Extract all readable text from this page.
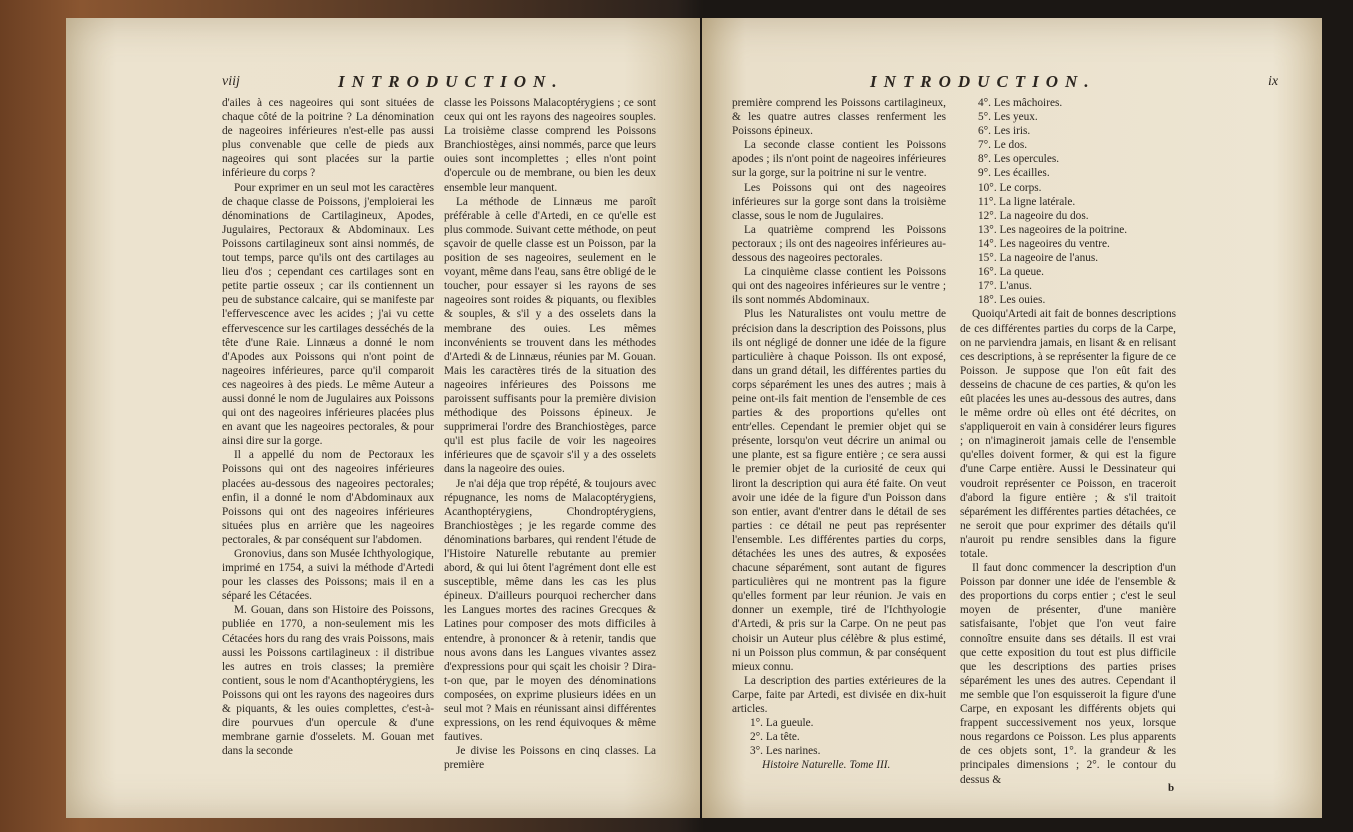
viij	INTRODUCTION.

d'ailes à ces nageoires qui sont situées de chaque côté de la poitrine ? La dénomination de nageoires inférieures n'est-elle pas aussi plus convenable que celle de pieds aux nageoires qui sont placées sur la partie inférieure du corps ?

Pour exprimer en un seul mot les caractères de chaque classe de Poissons, j'emploierai les dénominations de Cartilagineux, Apodes, Jugulaires, Pectoraux & Abdominaux. Les Poissons cartilagineux sont ainsi nommés, de tout temps, parce qu'ils ont des cartilages au lieu d'os ; cependant ces cartilages sont en petite partie osseux ; car ils contiennent un peu de substance calcaire, qui se manifeste par l'effervescence avec les acides ; j'ai vu cette effervescence sur les cartilages desséchés de la tête d'une Raie. Linnæus a donné le nom d'Apodes aux Poissons qui n'ont point de nageoires inférieures, parce qu'il comparoit ces nageoires à des pieds. Le même Auteur a aussi donné le nom de Jugulaires aux Poissons qui ont des nageoires inférieures placées plus en avant que les nageoires pectorales, & pour ainsi dire sur la gorge.

Il a appellé du nom de Pectoraux les Poissons qui ont des nageoires inférieures placées au-dessous des nageoires pectorales; enfin, il a donné le nom d'Abdominaux aux Poissons qui ont des nageoires inférieures situées plus en arrière que les nageoires pectorales, & par conséquent sur l'abdomen.

Gronovius, dans son Musée Ichthyologique, imprimé en 1754, a suivi la méthode d'Artedi pour les classes des Poissons; mais il en a séparé les Cétacées.

M. Gouan, dans son Histoire des Poissons, publiée en 1770, a non-seulement mis les Cétacées hors du rang des vrais Poissons, mais aussi les Poissons cartilagineux : il distribue les autres en trois classes; la première contient, sous le nom d'Acanthoptérygiens, les Poissons qui ont les rayons des nageoires durs & piquants, & les ouies complettes, c'est-à-dire pourvues d'un opercule & d'une membrane garnie d'osselets. M. Gouan met dans la seconde

classe les Poissons Malacoptérygiens ; ce sont ceux qui ont les rayons des nageoires souples. La troisième classe comprend les Poissons Branchiostèges, ainsi nommés, parce que leurs ouies sont incomplettes ; elles n'ont point d'opercule ou de membrane, ou bien les deux ensemble leur manquent.

La méthode de Linnæus me paroît préférable à celle d'Artedi, en ce qu'elle est plus commode. Suivant cette méthode, on peut sçavoir de quelle classe est un Poisson, par la position de ses nageoires, seulement en le voyant, même dans l'eau, sans être obligé de le toucher, pour essayer si les rayons de ses nageoires sont roides & piquants, ou flexibles & souples, & s'il y a des osselets dans la membrane des ouies. Les mêmes inconvénients se trouvent dans les méthodes d'Artedi & de Linnæus, réunies par M. Gouan. Mais les caractères tirés de la situation des nageoires inférieures des Poissons me paroissent suffisants pour la première division méthodique des Poissons épineux. Je supprimerai l'ordre des Branchiostèges, parce qu'il est plus facile de voir les nageoires inférieures que de sçavoir s'il y a des osselets dans la nageoire des ouies.

Je n'ai déja que trop répété, & toujours avec répugnance, les noms de Malacoptérygiens, Acanthoptérygiens, Chondroptérygiens, Branchiostèges ; je les regarde comme des dénominations barbares, qui rendent l'étude de l'Histoire Naturelle rebutante au premier abord, & qui lui ôtent l'agrément dont elle est susceptible, même dans les cas les plus épineux. D'ailleurs pourquoi rechercher dans les Langues mortes des racines Grecques & Latines pour composer des mots difficiles à entendre, à prononcer & à retenir, tandis que nous avons dans les Langues vivantes assez d'expressions pour qui sçait les choisir ? Dira-t-on que, par le moyen des dénominations composées, on exprime plusieurs idées en un seul mot ? Mais en réunissant ainsi différentes expressions, on les rend équivoques & même fautives.

Je divise les Poissons en cinq classes. La première

INTRODUCTION.	ix

première comprend les Poissons cartilagineux, & les quatre autres classes renferment les Poissons épineux.

La seconde classe contient les Poissons apodes ; ils n'ont point de nageoires inférieures sur la gorge, sur la poitrine ni sur le ventre.

Les Poissons qui ont des nageoires inférieures sur la gorge sont dans la troisième classe, sous le nom de Jugulaires.

La quatrième comprend les Poissons pectoraux ; ils ont des nageoires inférieures au-dessous des nageoires pectorales.

La cinquième classe contient les Poissons qui ont des nageoires inférieures sur le ventre ; ils sont nommés Abdominaux.

Plus les Naturalistes ont voulu mettre de précision dans la description des Poissons, plus ils ont négligé de donner une idée de la figure particulière à chaque Poisson. Ils ont exposé, dans un grand détail, les différentes parties du corps séparément les unes des autres ; mais à peine ont-ils fait mention de l'ensemble de ces parties & des proportions qu'elles ont entr'elles. Cependant le premier objet qui se présente, lorsqu'on veut décrire un animal ou une plante, est sa figure entière ; ce sera aussi le premier objet de la curiosité de ceux qui liront la description qui aura été faite. On veut avoir une idée de la figure d'un Poisson dans son entier, avant d'entrer dans le détail de ses parties : ce détail ne peut pas représenter l'ensemble. Les différentes parties du corps, détachées les unes des autres, & exposées chacune séparément, sont autant de figures particulières qui ne montrent pas la figure qu'elles forment par leur réunion. Je vais en donner un exemple, tiré de l'Ichthyologie d'Artedi, & pris sur la Carpe. On ne peut pas choisir un Auteur plus célèbre & plus estimé, ni un Poisson plus commun, & par conséquent mieux connu.

La description des parties extérieures de la Carpe, faite par Artedi, est divisée en dix-huit articles.

1°. La gueule.

2°. La tête.

3°. Les narines.

Histoire Naturelle. Tome III.

4°. Les mâchoires.

5°. Les yeux.

6°. Les iris.

7°. Le dos.

8°. Les opercules.

9°. Les écailles.

10°. Le corps.

11°. La ligne latérale.

12°. La nageoire du dos.

13°. Les nageoires de la poitrine.

14°. Les nageoires du ventre.

15°. La nageoire de l'anus.

16°. La queue.

17°. L'anus.

18°. Les ouies.

Quoiqu'Artedi ait fait de bonnes descriptions de ces différentes parties du corps de la Carpe, on ne parviendra jamais, en lisant & en relisant ces descriptions, à se représenter la figure de ce Poisson. Je suppose que l'on eût fait des desseins de chacune de ces parties, & qu'on les eût placées les unes au-dessous des autres, dans le même ordre où elles ont été décrites, on s'appliqueroit en vain à considérer leurs figures ; on n'imagineroit jamais celle de l'ensemble qu'elles doivent former, & qui est la figure d'une Carpe entière. Aussi le Dessinateur qui voudroit représenter ce Poisson, en traceroit d'abord la figure entière ; & s'il traitoit séparément les différentes parties détachées, ce ne seroit que pour exprimer des détails qu'il n'auroit pu rendre sensibles dans la figure totale.

Il faut donc commencer la description d'un Poisson par donner une idée de l'ensemble & des proportions du corps entier ; c'est le seul moyen de présenter, d'une manière satisfaisante, l'objet que l'on veut faire connoître ensuite dans ses détails. Il est vrai que cette exposition du tout est plus difficile que les descriptions des parties prises séparément les unes des autres. Cependant il me semble que l'on esquisseroit la figure d'une Carpe, en exposant les différents objets qui frappent successivement nos yeux, lorsque nous regardons ce Poisson. Les plus apparents de ces objets sont, 1°. la grandeur & les principales dimensions ; 2°. le contour du dessus &

b
